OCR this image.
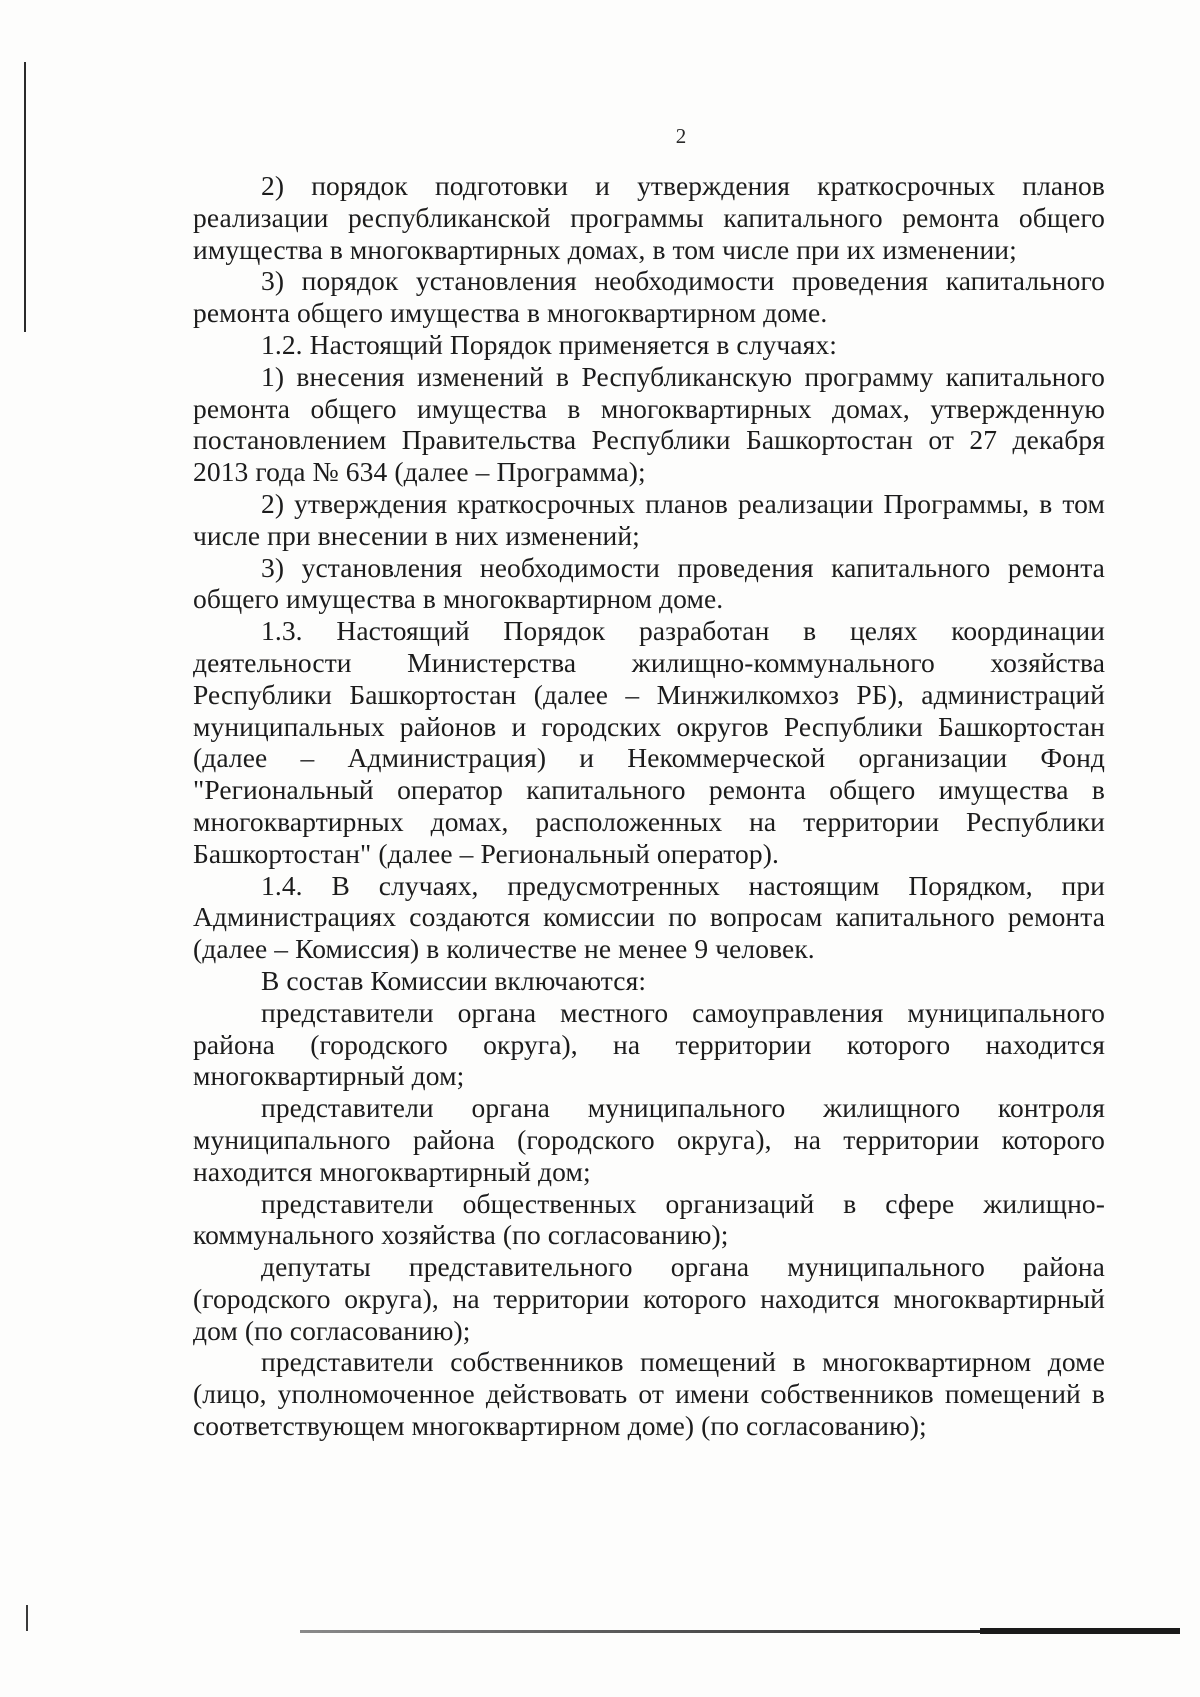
2

2) порядок подготовки и утверждения краткосрочных планов реализации республиканской программы капитального ремонта общего имущества в многоквартирных домах, в том числе при их изменении;

3) порядок установления необходимости проведения капитального ремонта общего имущества в многоквартирном доме.

1.2. Настоящий Порядок применяется в случаях:

1) внесения изменений в Республиканскую программу капитального ремонта общего имущества в многоквартирных домах, утвержденную постановлением Правительства Республики Башкортостан от 27 декабря 2013 года № 634 (далее – Программа);

2) утверждения краткосрочных планов реализации Программы, в том числе при внесении в них изменений;

3) установления необходимости проведения капитального ремонта общего имущества в многоквартирном доме.

1.3. Настоящий Порядок разработан в целях координации деятельности Министерства жилищно-коммунального хозяйства Республики Башкортостан (далее – Минжилкомхоз РБ), администраций муниципальных районов и городских округов Республики Башкортостан (далее – Администрация) и Некоммерческой организации Фонд "Региональный оператор капитального ремонта общего имущества в многоквартирных домах, расположенных на территории Республики Башкортостан" (далее – Региональный оператор).

1.4. В случаях, предусмотренных настоящим Порядком, при Администрациях создаются комиссии по вопросам капитального ремонта (далее – Комиссия) в количестве не менее 9 человек.

В состав Комиссии включаются:

представители органа местного самоуправления муниципального района (городского округа), на территории которого находится многоквартирный дом;

представители органа муниципального жилищного контроля муниципального района (городского округа), на территории которого находится многоквартирный дом;

представители общественных организаций в сфере жилищно-коммунального хозяйства (по согласованию);

депутаты представительного органа муниципального района (городского округа), на территории которого находится многоквартирный дом (по согласованию);

представители собственников помещений в многоквартирном доме (лицо, уполномоченное действовать от имени собственников помещений в соответствующем многоквартирном доме) (по согласованию);
